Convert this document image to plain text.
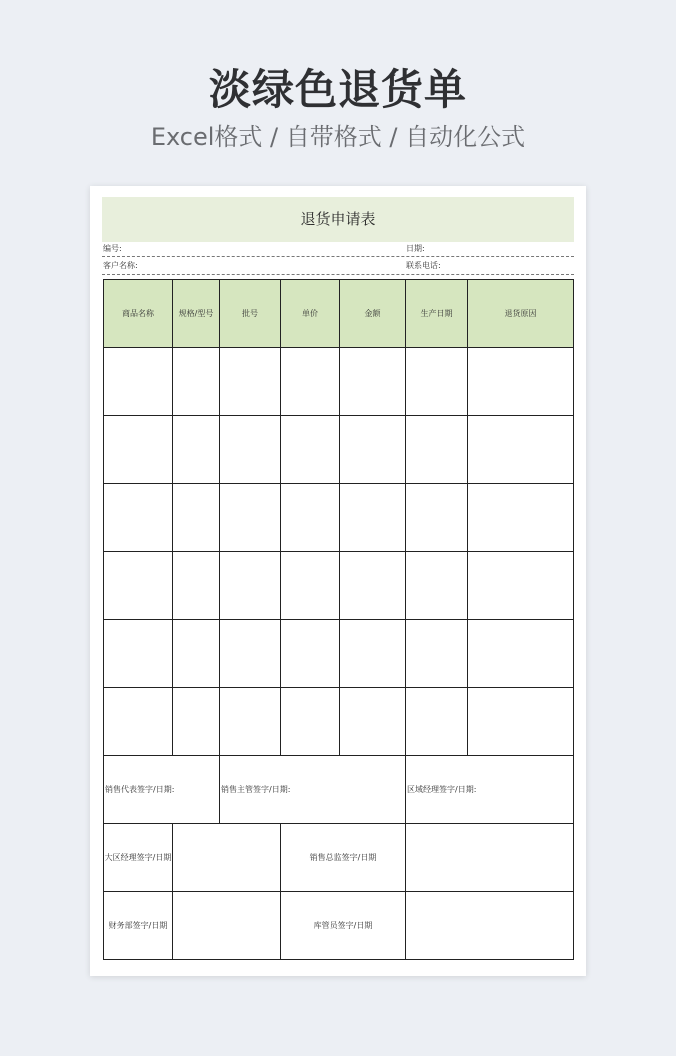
淡绿色退货单
Excel格式 / 自带格式 / 自动化公式
退货申请表
编号:	日期:
客户名称:	联系电话:
商品名称	规格/型号	批号	单价	金额	生产日期	退货原因

销售代表签字/日期:		销售主管签字/日期:			区域经理签字/日期:	
大区经理签字/日期			销售总监签字/日期			
财务部签字/日期			库管员签字/日期			
